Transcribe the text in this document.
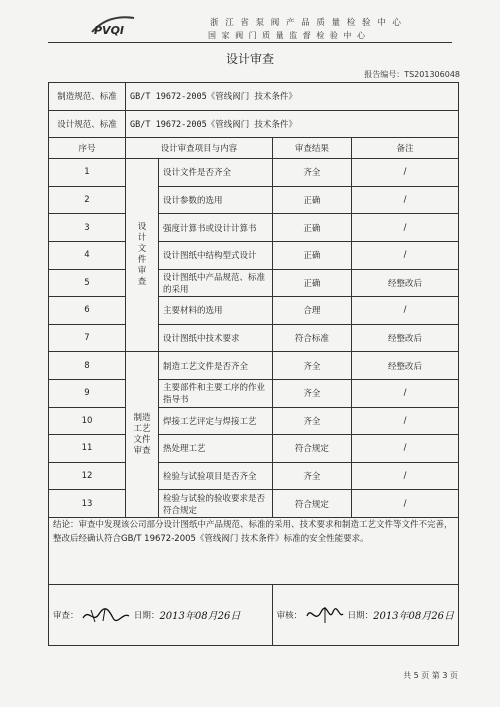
PVQI
浙 江 省 泵 阀 产 品 质 量 检 验 中 心
国 家 阀 门 质 量 监 督 检 验 中 心
设计审查
报告编号：TS201306048
制造规范、标准	GB/T 19672-2005《管线阀门 技术条件》			
设计规范、标准	GB/T 19672-2005《管线阀门 技术条件》			
序号	设计审查项目与内容		审查结果	备注
1	设计文件审查	设计文件是否齐全	齐全	/
2		设计参数的选用	正确	/
3		强度计算书或设计计算书	正确	/
4		设计图纸中结构型式设计	正确	/
5		设计图纸中产品规范、标准的采用	正确	经整改后
6		主要材料的选用	合理	/
7		设计图纸中技术要求	符合标准	经整改后
8	制造工艺文件审查	制造工艺文件是否齐全	齐全	经整改后
9		主要部件和主要工序的作业指导书	齐全	/
10		焊接工艺评定与焊接工艺	齐全	/
11		热处理工艺	符合规定	/
12		检验与试验项目是否齐全	齐全	/
13		检验与试验的验收要求是否符合规定	符合规定	/
结论：审查中发现该公司部分设计图纸中产品规范、标准的采用、技术要求和制造工艺文件等文件不完善，整改后经确认符合GB/T 19672-2005《管线阀门 技术条件》标准的安全性能要求。				
审查： 日期：2013年08月26日			审核： 日期：2013年08月26日	
共 5 页 第 3 页
